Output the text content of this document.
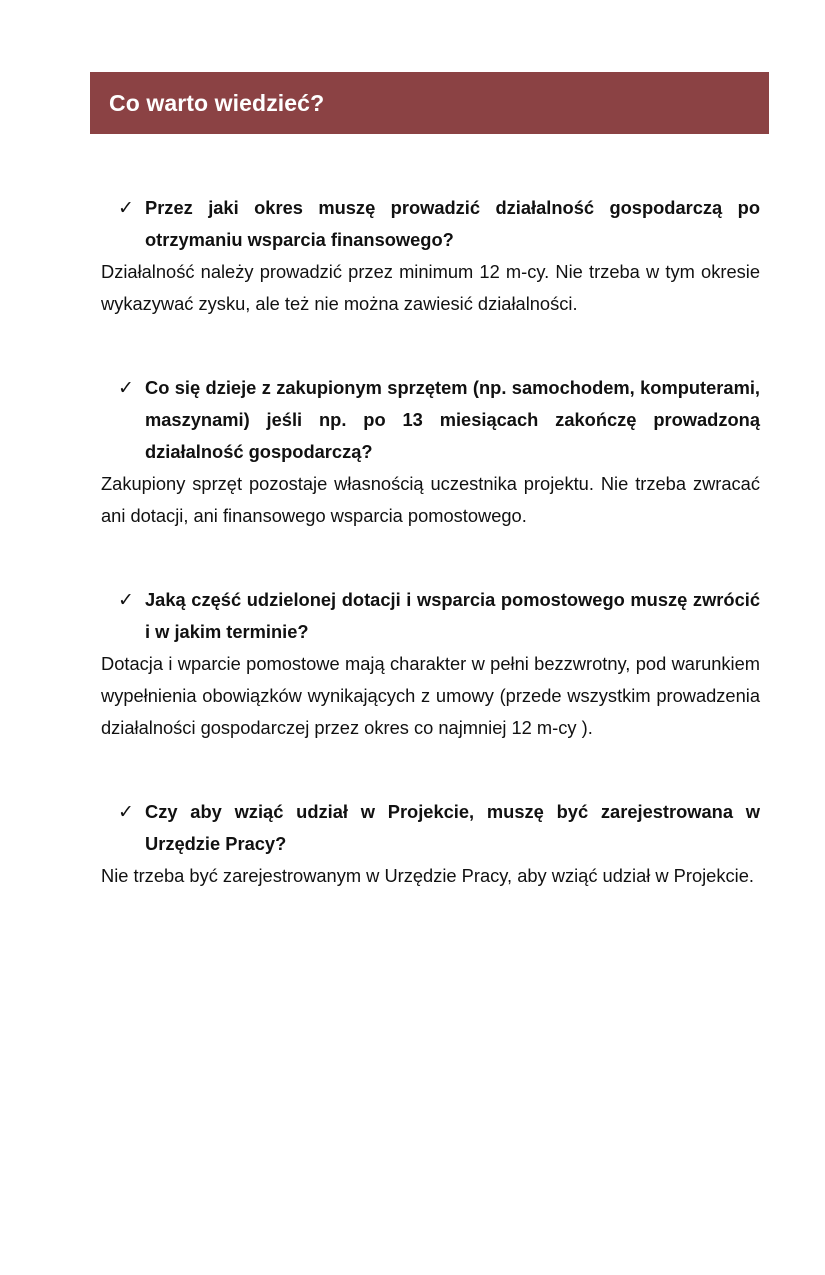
Co warto wiedzieć?
✓ Przez jaki okres muszę prowadzić działalność gospodarczą po otrzymaniu wsparcia finansowego?

Działalność należy prowadzić przez minimum 12 m-cy. Nie trzeba w tym okresie wykazywać zysku, ale też nie można zawiesić działalności.

✓ Co się dzieje z zakupionym sprzętem (np. samochodem, komputerami, maszynami) jeśli np. po 13 miesiącach zakończę prowadzoną działalność gospodarczą?

Zakupiony sprzęt pozostaje własnością uczestnika projektu. Nie trzeba zwracać ani dotacji, ani finansowego wsparcia pomostowego.

✓ Jaką część udzielonej dotacji i wsparcia pomostowego muszę zwrócić i w jakim terminie?

Dotacja i wparcie pomostowe mają charakter w pełni bezzwrotny, pod warunkiem wypełnienia obowiązków wynikających z umowy (przede wszystkim prowadzenia działalności gospodarczej przez okres co najmniej 12 m-cy ).

✓ Czy aby wziąć udział w Projekcie, muszę być zarejestrowana w Urzędzie Pracy?

Nie trzeba być zarejestrowanym w Urzędzie Pracy, aby wziąć udział w Projekcie.
